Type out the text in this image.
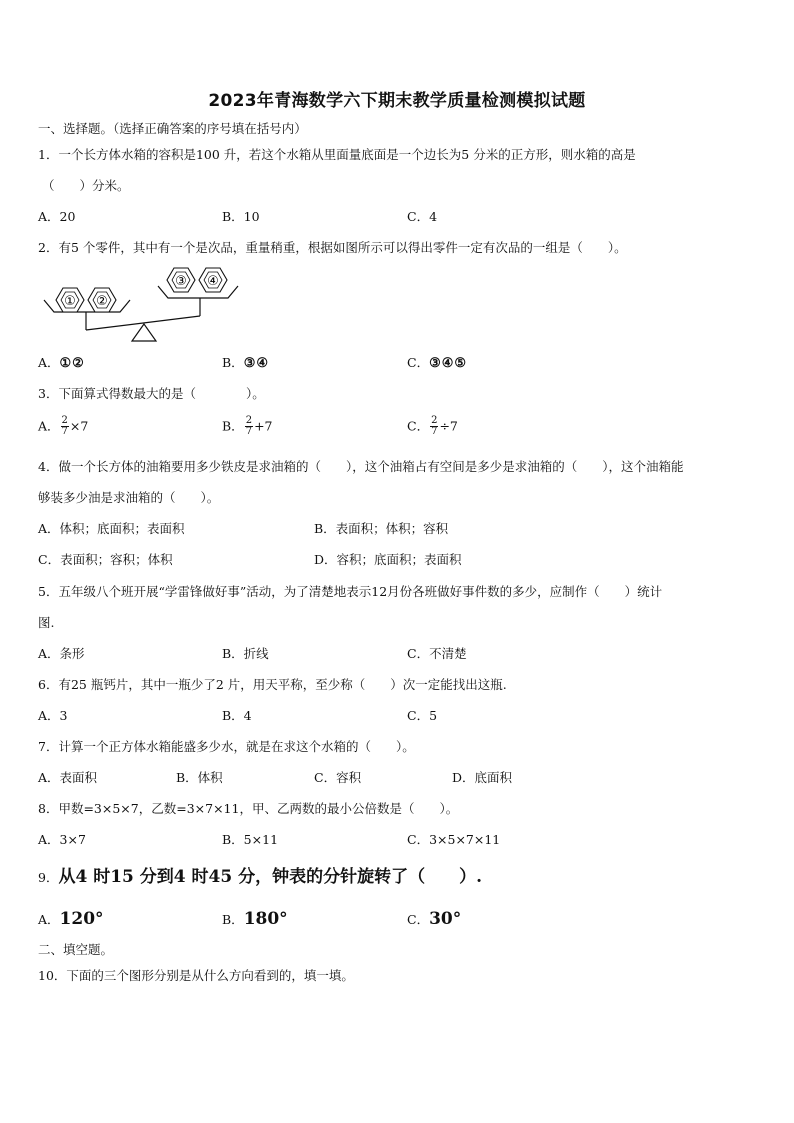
2023年青海数学六下期末教学质量检测模拟试题
一、选择题。（选择正确答案的序号填在括号内）
1．一个长方体水箱的容积是100 升，若这个水箱从里面量底面是一个边长为5 分米的正方形，则水箱的高是
（　　）分米。
A．20	B．10	C．4
2．有5 个零件，其中有一个是次品，重量稍重，根据如图所示可以得出零件一定有次品的一组是（　　）。
① ②
③ ④
A．①②	B．③④	C．③④⑤
3．下面算式得数最大的是（　　　　）。
A． $\frac{2}{7} \times 7$	B． $\frac{2}{7} +7$	C． $\frac{2}{7} \div 7$
4．做一个长方体的油箱要用多少铁皮是求油箱的（　　），这个油箱占有空间是多少是求油箱的（　　），这个油箱能
够装多少油是求油箱的（　　）。
A．体积；底面积；表面积	B．表面积；体积；容积
C．表面积；容积；体积	D．容积；底面积；表面积
5．五年级八个班开展“学雷锋做好事”活动，为了清楚地表示12月份各班做好事件数的多少，应制作（　　）统计
图.
A．条形	B．折线	C．不清楚
6．有25 瓶钙片，其中一瓶少了2 片，用天平称，至少称（　　）次一定能找出这瓶.
A．3	B．4	C．5
7．计算一个正方体水箱能盛多少水，就是在求这个水箱的（　　）。
A．表面积	B．体积	C．容积	D．底面积
8．甲数=3×5×7，乙数=3×7×11，甲、乙两数的最小公倍数是（　　）。
A．3×7	B．5×11	C．3×5×7×11
9．从4 时15 分到4 时45 分，钟表的分针旋转了（　　）.
A．120°	B．180°	C．30°
二、填空题。
10．下面的三个图形分别是从什么方向看到的，填一填。
